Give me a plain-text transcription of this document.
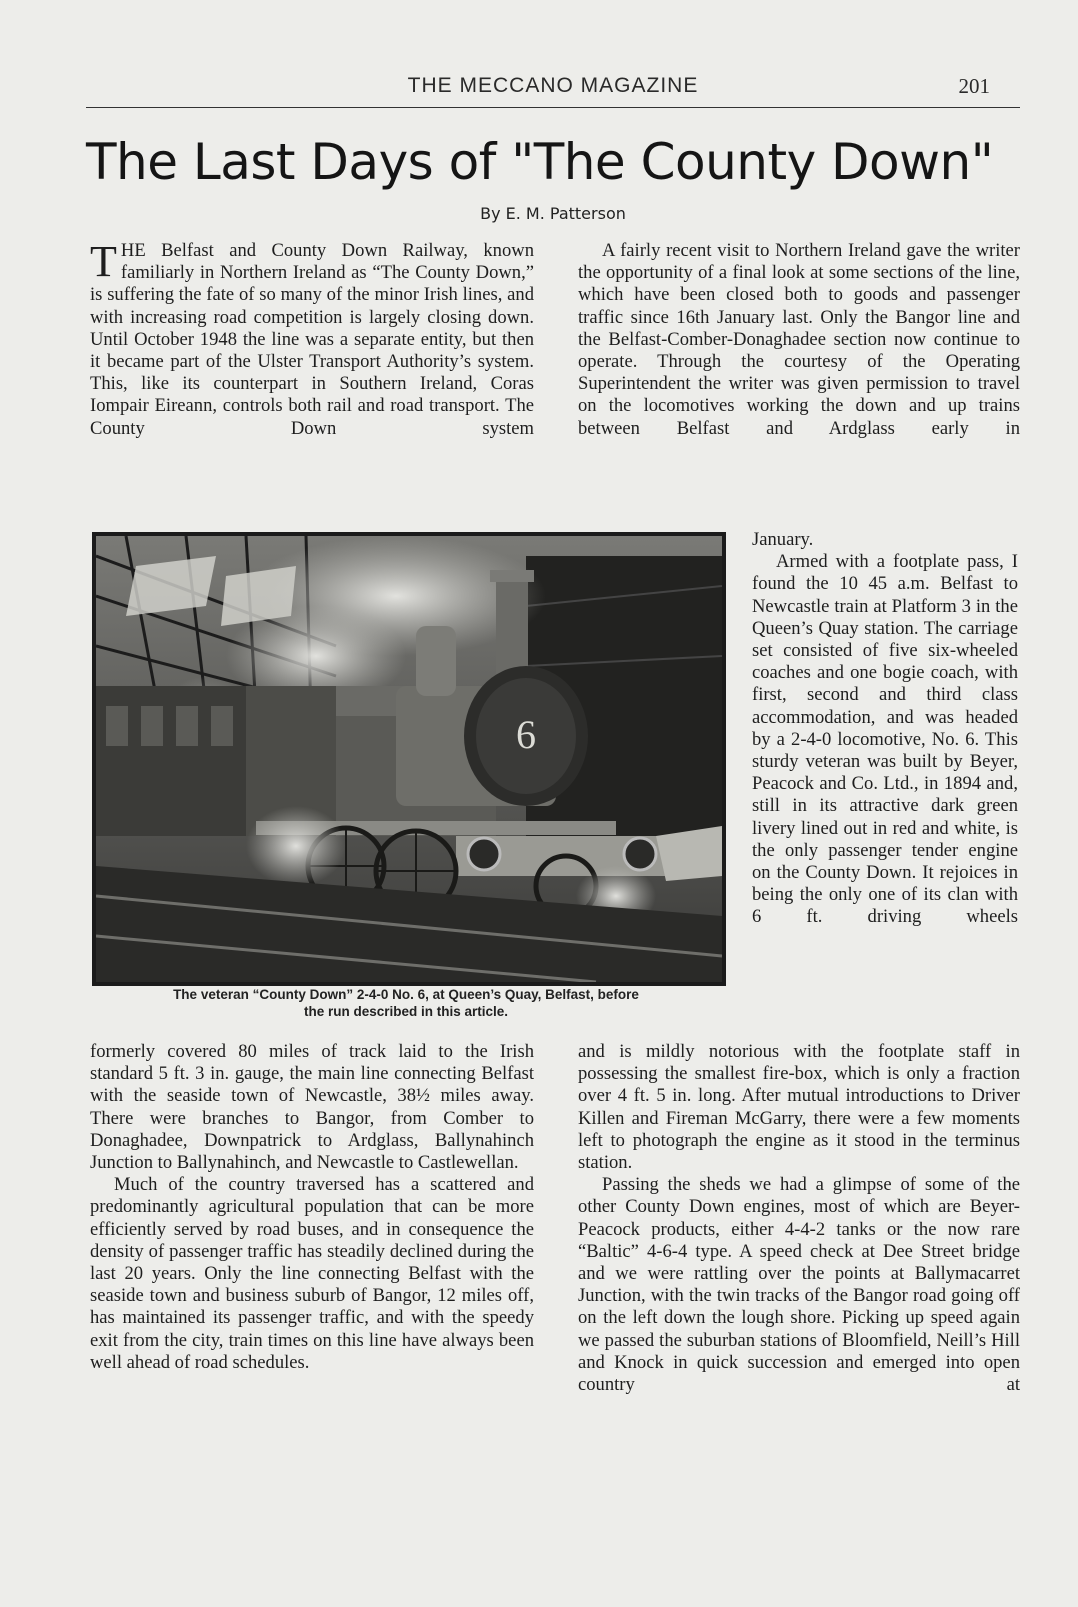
THE MECCANO MAGAZINE	201
The Last Days of "The County Down"
By E. M. Patterson

THE Belfast and County Down Railway, known familiarly in Northern Ireland as “The County Down,” is suffering the fate of so many of the minor Irish lines, and with increasing road competition is largely closing down. Until October 1948 the line was a separate entity, but then it became part of the Ulster Transport Authority’s system. This, like its counterpart in Southern Ireland, Coras Iompair Eireann, controls both rail and road transport. The County Down system

A fairly recent visit to Northern Ireland gave the writer the opportunity of a final look at some sections of the line, which have been closed both to goods and passenger traffic since 16th January last. Only the Bangor line and the Belfast-Comber-Donaghadee section now continue to operate. Through the courtesy of the Operating Superintendent the writer was given permission to travel on the locomotives working the down and up trains between Belfast and Ardglass early in

January.

Armed with a footplate pass, I found the 10 45 a.m. Belfast to Newcastle train at Platform 3 in the Queen’s Quay station. The carriage set consisted of five six-wheeled coaches and one bogie coach, with first, second and third class accommodation, and was headed by a 2-4-0 locomotive, No. 6. This sturdy veteran was built by Beyer, Peacock and Co. Ltd., in 1894 and, still in its attractive dark green livery lined out in red and white, is the only passenger tender engine on the County Down. It rejoices in being the only one of its clan with 6 ft. driving wheels

6
The veteran “County Down” 2-4-0 No. 6, at Queen’s Quay, Belfast, before
the run described in this article.

formerly covered 80 miles of track laid to the Irish standard 5 ft. 3 in. gauge, the main line connecting Belfast with the seaside town of Newcastle, 38½ miles away. There were branches to Bangor, from Comber to Donaghadee, Downpatrick to Ardglass, Ballynahinch Junction to Ballynahinch, and Newcastle to Castlewellan.

Much of the country traversed has a scattered and predominantly agricultural population that can be more efficiently served by road buses, and in consequence the density of passenger traffic has steadily declined during the last 20 years. Only the line connecting Belfast with the seaside town and business suburb of Bangor, 12 miles off, has maintained its passenger traffic, and with the speedy exit from the city, train times on this line have always been well ahead of road schedules.

and is mildly notorious with the footplate staff in possessing the smallest fire-box, which is only a fraction over 4 ft. 5 in. long. After mutual introductions to Driver Killen and Fireman McGarry, there were a few moments left to photograph the engine as it stood in the terminus station.

Passing the sheds we had a glimpse of some of the other County Down engines, most of which are Beyer-Peacock products, either 4-4-2 tanks or the now rare “Baltic” 4-6-4 type. A speed check at Dee Street bridge and we were rattling over the points at Ballymacarret Junction, with the twin tracks of the Bangor road going off on the left down the lough shore. Picking up speed again we passed the suburban stations of Bloomfield, Neill’s Hill and Knock in quick succession and emerged into open country at
